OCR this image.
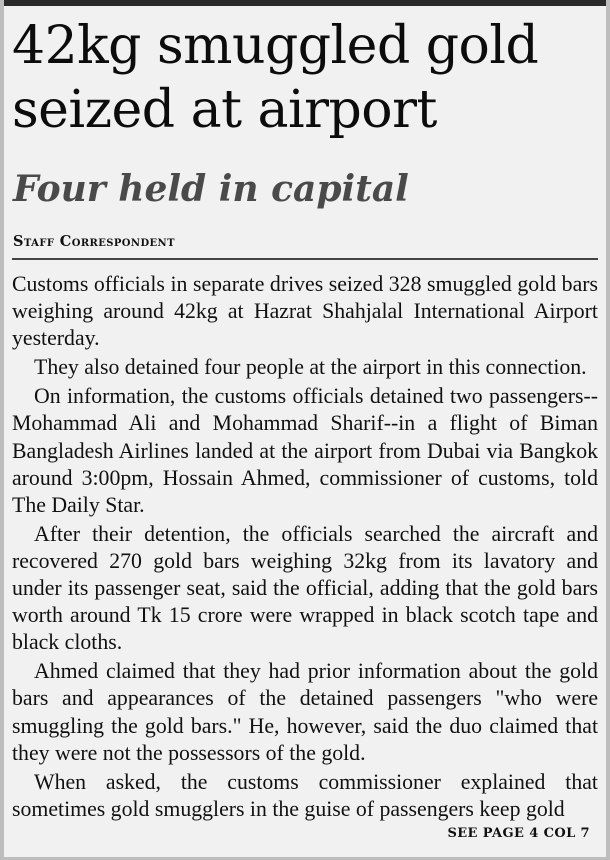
42kg smuggled gold
seized at airport
Four held in capital
Staff Correspondent

Customs officials in separate drives seized 328 smuggled gold bars weighing around 42kg at Hazrat Shahjalal International Airport yesterday.

They also detained four people at the airport in this connection.

On information, the customs officials detained two passengers--Mohammad Ali and Mohammad Sharif--in a flight of Biman Bangladesh Airlines landed at the airport from Dubai via Bangkok around 3:00pm, Hossain Ahmed, commissioner of customs, told The Daily Star.

After their detention, the officials searched the aircraft and recovered 270 gold bars weighing 32kg from its lavatory and under its passenger seat, said the official, adding that the gold bars worth around Tk 15 crore were wrapped in black scotch tape and black cloths.

Ahmed claimed that they had prior information about the gold bars and appearances of the detained passengers "who were smuggling the gold bars." He, however, said the duo claimed that they were not the possessors of the gold.

When asked, the customs commissioner explained that sometimes gold smugglers in the guise of passengers keep gold

SEE PAGE 4 COL 7
